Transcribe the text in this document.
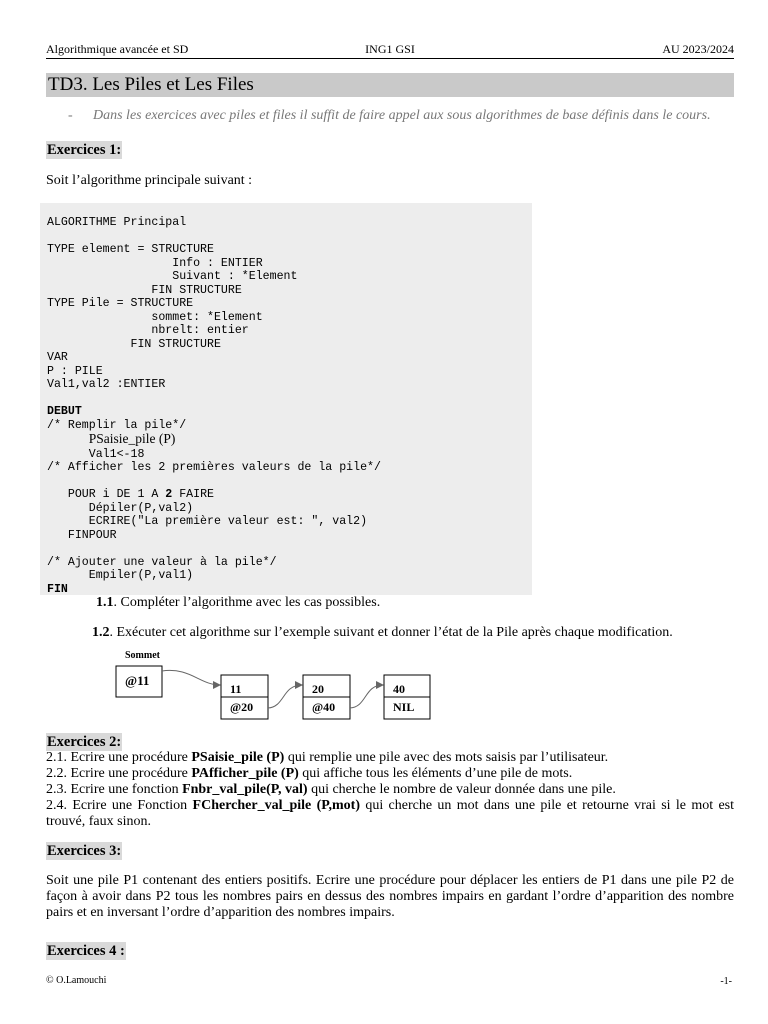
Algorithmique avancée et SD	ING1 GSI	AU 2023/2024
TD3. Les Piles et Les Files
- Dans les exercices avec piles et files il suffit de faire appel aux sous algorithmes de base définis dans le cours.
Exercices 1:
Soit l’algorithme principale suivant :
ALGORITHME Principal

TYPE element = STRUCTURE
Info : ENTIER
Suivant : *Element
FIN STRUCTURE
TYPE Pile = STRUCTURE
sommet: *Element
nbrelt: entier
FIN STRUCTURE
VAR
P : PILE
Val1,val2 :ENTIER

DEBUT
/* Remplir la pile*/
PSaisie_pile (P)
Val1<-18
/* Afficher les 2 premières valeurs de la pile*/

POUR i DE 1 A 2 FAIRE
Dépiler(P,val2)
ECRIRE("La première valeur est: ", val2)
FINPOUR

/* Ajouter une valeur à la pile*/
Empiler(P,val1)
FIN
1.1. Compléter l’algorithme avec les cas possibles.
1.2. Exécuter cet algorithme sur l’exemple suivant et donner l’état de la Pile après chaque modification.
Sommet
@11
11
@20
20
@40
40
NIL
Exercices 2:
2.1. Ecrire une procédure PSaisie_pile (P) qui remplie une pile avec des mots saisis par l’utilisateur.
2.2. Ecrire une procédure PAfficher_pile (P) qui affiche tous les éléments d’une pile de mots.
2.3. Ecrire une fonction Fnbr_val_pile(P, val) qui cherche le nombre de valeur donnée dans une pile.
2.4. Ecrire une Fonction FChercher_val_pile (P,mot) qui cherche un mot dans une pile et retourne vrai si le mot est trouvé, faux sinon.
Exercices 3:
Soit une pile P1 contenant des entiers positifs. Ecrire une procédure pour déplacer les entiers de P1 dans une pile P2 de façon à avoir dans P2 tous les nombres pairs en dessus des nombres impairs en gardant l’ordre d’apparition des nombre pairs et en inversant l’ordre d’apparition des nombres impairs.
Exercices 4 :
© O.Lamouchi	-1-
